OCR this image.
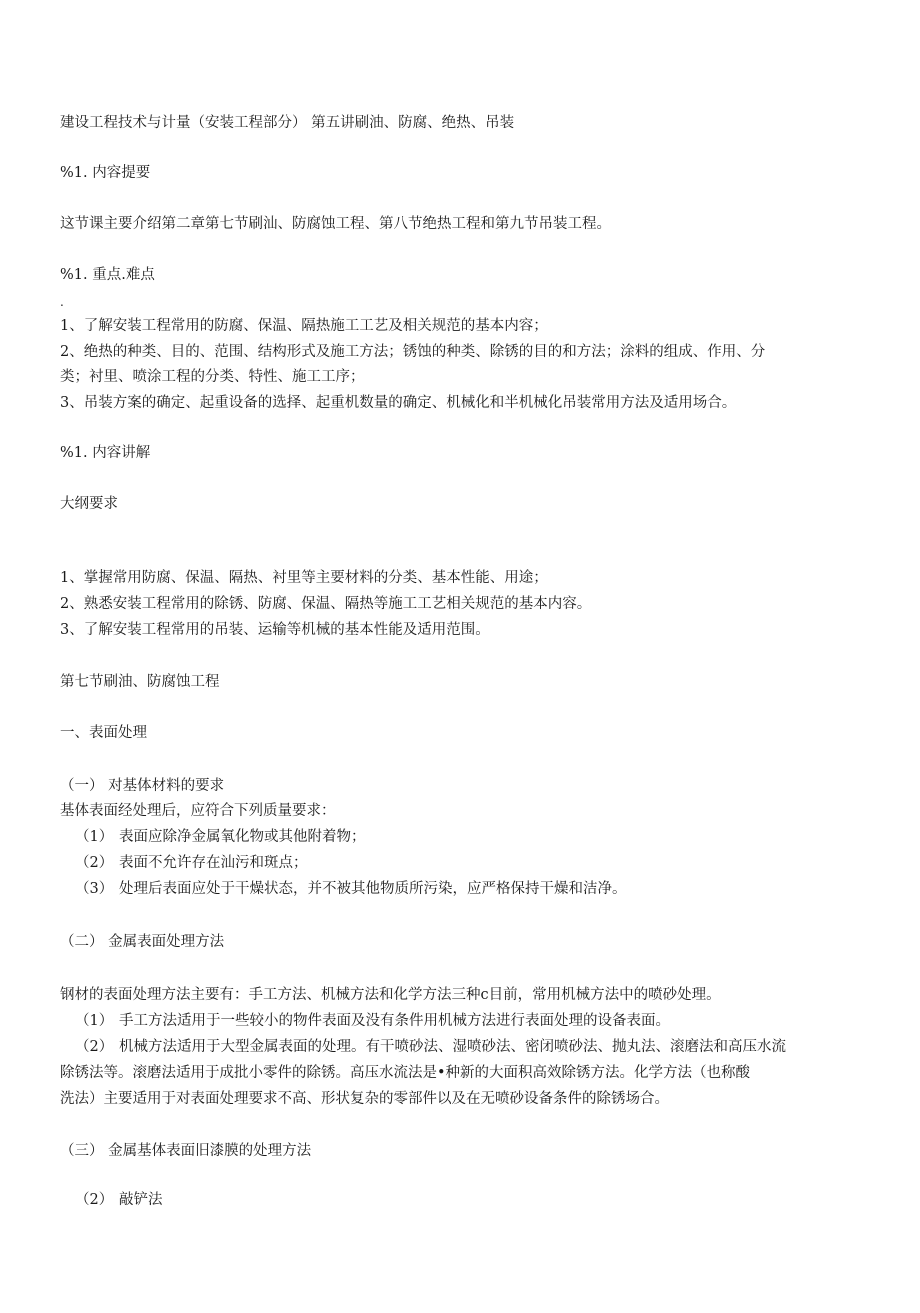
建设工程技术与计量（安装工程部分） 第五讲刷油、防腐、绝热、吊装
%1. 内容提要
这节课主要介绍第二章第七节刷汕、防腐蚀工程、第八节绝热工程和第九节吊装工程。
%1. 重点.难点
.
1、了解安装工程常用的防腐、保温、隔热施工工艺及相关规范的基本内容；
2、绝热的种类、目的、范围、结构形式及施工方法；锈蚀的种类、除锈的目的和方法；涂料的组成、作用、分
类；衬里、喷涂工程的分类、特性、施工工序；
3、吊装方案的确定、起重设备的选择、起重机数量的确定、机械化和半机械化吊装常用方法及适用场合。
%1. 内容讲解
大纲要求
1、掌握常用防腐、保温、隔热、衬里等主要材料的分类、基本性能、用途；
2、熟悉安装工程常用的除锈、防腐、保温、隔热等施工工艺相关规范的基本内容。
3、了解安装工程常用的吊装、运输等机械的基本性能及适用范围。
第七节刷油、防腐蚀工程
一、表面处理
（一） 对基体材料的要求
基体表面经处理后，应符合下列质量要求：
（1） 表面应除净金属氧化物或其他附着物；
（2） 表面不允许存在汕污和斑点；
（3） 处理后表面应处于干燥状态，并不被其他物质所污染，应严格保持干燥和洁净。
（二） 金属表面处理方法
钢材的表面处理方法主要有：手工方法、机械方法和化学方法三种c目前，常用机械方法中的喷砂处理。
（1） 手工方法适用于一些较小的物件表面及没有条件用机械方法进行表面处理的设备表面。
（2） 机械方法适用于大型金属表面的处理。有干喷砂法、湿喷砂法、密闭喷砂法、抛丸法、滚磨法和高压水流
除锈法等。滚磨法适用于成批小零件的除锈。高压水流法是•种新的大面积高效除锈方法。化学方法（也称酸
洗法）主要适用于对表面处理要求不高、形状复杂的零部件以及在无喷砂设备条件的除锈场合。
（三） 金属基体表面旧漆膜的处理方法
（2） 敲铲法
